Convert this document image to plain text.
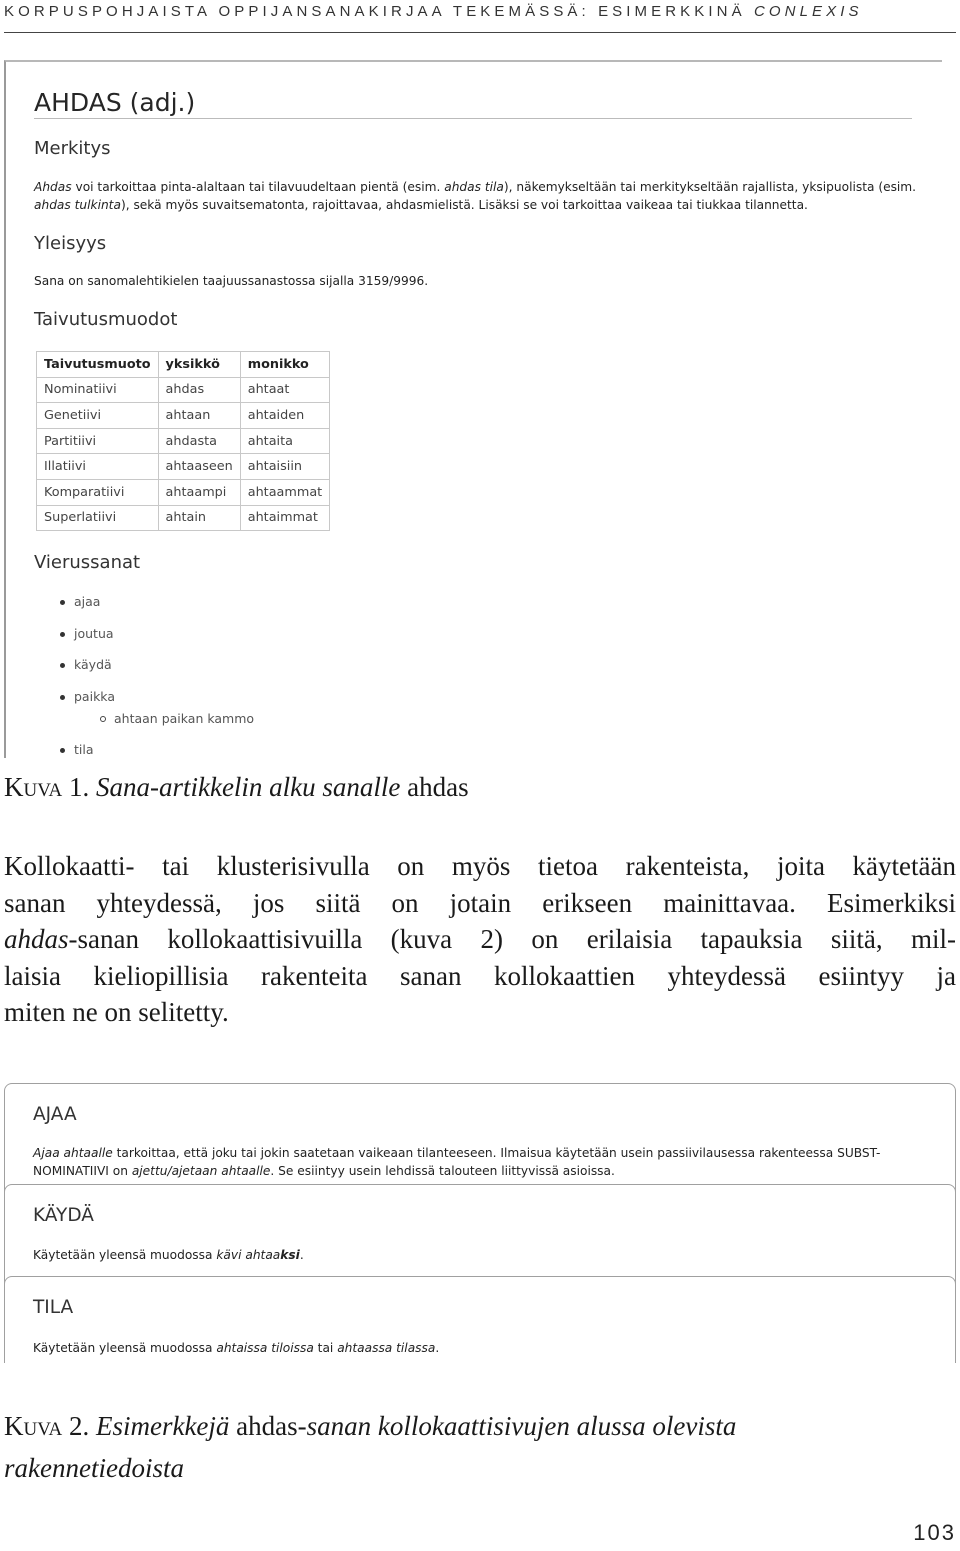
KORPUSPOHJAISTA OPPIJANSANAKIRJAA TEKEMÄSSÄ: ESIMERKKINÄ CONLEXIS
AHDAS (adj.)
Merkitys
Ahdas voi tarkoittaa pinta-alaltaan tai tilavuudeltaan pientä (esim. ahdas tila), näkemykseltään tai merkitykseltään rajallista, yksipuolista (esim.
ahdas tulkinta), sekä myös suvaitsematonta, rajoittavaa, ahdasmielistä. Lisäksi se voi tarkoittaa vaikeaa tai tiukkaa tilannetta.
Yleisyys
Sana on sanomalehtikielen taajuussanastossa sijalla 3159/9996.
Taivutusmuodot
Taivutusmuoto	yksikkö	monikko
Nominatiivi	ahdas	ahtaat
Genetiivi	ahtaan	ahtaiden
Partitiivi	ahdasta	ahtaita
Illatiivi	ahtaaseen	ahtaisiin
Komparatiivi	ahtaampi	ahtaammat
Superlatiivi	ahtain	ahtaimmat
Vierussanat
ajaa
joutua
käydä
paikka
ahtaan paikan kammo
tila
Kuva 1. Sana-artikkelin alku sanalle ahdas
Kollokaatti- tai klusterisivulla on myös tietoa rakenteista, joita käytetään
sanan yhteydessä, jos siitä on jotain erikseen mainittavaa. Esimerkiksi
ahdas-sanan kollokaattisivuilla (kuva 2) on erilaisia tapauksia siitä, mil-
laisia kieliopillisia rakenteita sanan kollokaattien yhteydessä esiintyy ja
miten ne on selitetty.
AJAA
Ajaa ahtaalle tarkoittaa, että joku tai jokin saatetaan vaikeaan tilanteeseen. Ilmaisua käytetään usein passiivilausessa rakenteessa SUBST-
NOMINATIIVI on ajettu/ajetaan ahtaalle. Se esiintyy usein lehdissä talouteen liittyvissä asioissa.
KÄYDÄ
Käytetään yleensä muodossa kävi ahtaaksi.
TILA
Käytetään yleensä muodossa ahtaissa tiloissa tai ahtaassa tilassa.
Kuva 2. Esimerkkejä ahdas-sanan kollokaattisivujen alussa olevista
rakennetiedoista
103
